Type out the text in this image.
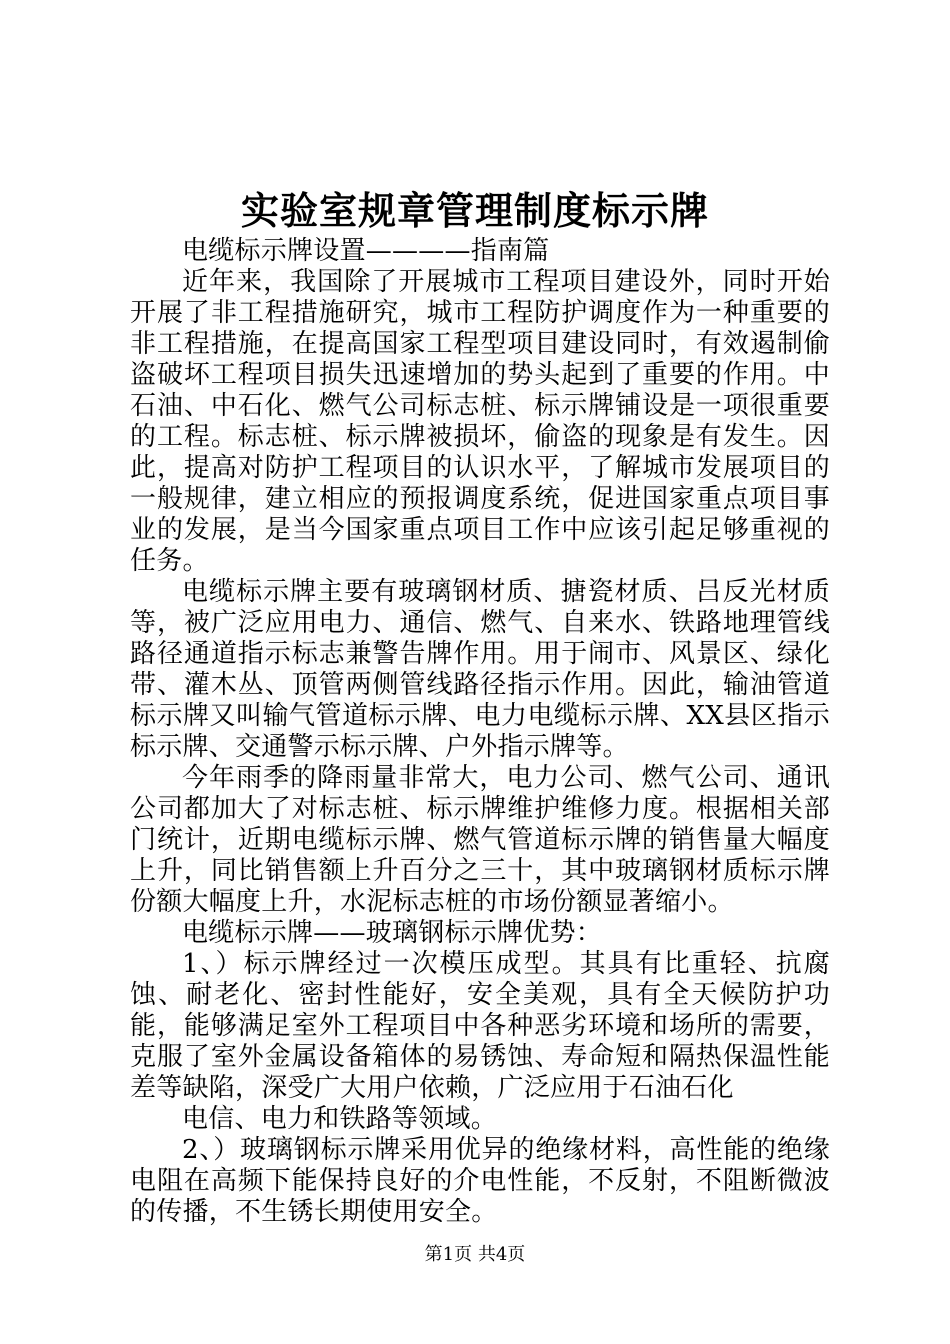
实验室规章管理制度标示牌

电缆标示牌设置————指南篇

近年来，我国除了开展城市工程项目建设外，同时开始开展了非工程措施研究，城市工程防护调度作为一种重要的非工程措施，在提高国家工程型项目建设同时，有效遏制偷盗破坏工程项目损失迅速增加的势头起到了重要的作用。中石油、中石化、燃气公司标志桩、标示牌铺设是一项很重要的工程。标志桩、标示牌被损坏，偷盗的现象是有发生。因此，提高对防护工程项目的认识水平，了解城市发展项目的一般规律，建立相应的预报调度系统，促进国家重点项目事业的发展，是当今国家重点项目工作中应该引起足够重视的任务。

电缆标示牌主要有玻璃钢材质、搪瓷材质、吕反光材质等，被广泛应用电力、通信、燃气、自来水、铁路地理管线路径通道指示标志兼警告牌作用。用于闹市、风景区、绿化带、灌木丛、顶管两侧管线路径指示作用。因此，输油管道标示牌又叫输气管道标示牌、电力电缆标示牌、XX县区指示标示牌、交通警示标示牌、户外指示牌等。

今年雨季的降雨量非常大，电力公司、燃气公司、通讯公司都加大了对标志桩、标示牌维护维修力度。根据相关部门统计，近期电缆标示牌、燃气管道标示牌的销售量大幅度上升，同比销售额上升百分之三十，其中玻璃钢材质标示牌份额大幅度上升，水泥标志桩的市场份额显著缩小。

电缆标示牌——玻璃钢标示牌优势：

1、）标示牌经过一次模压成型。其具有比重轻、抗腐蚀、耐老化、密封性能好，安全美观，具有全天候防护功能，能够满足室外工程项目中各种恶劣环境和场所的需要，克服了室外金属设备箱体的易锈蚀、寿命短和隔热保温性能差等缺陷，深受广大用户依赖，广泛应用于石油石化

电信、电力和铁路等领域。

2、）玻璃钢标示牌采用优异的绝缘材料，高性能的绝缘电阻在高频下能保持良好的介电性能，不反射，不阻断微波的传播，不生锈长期使用安全。

第1页 共4页
